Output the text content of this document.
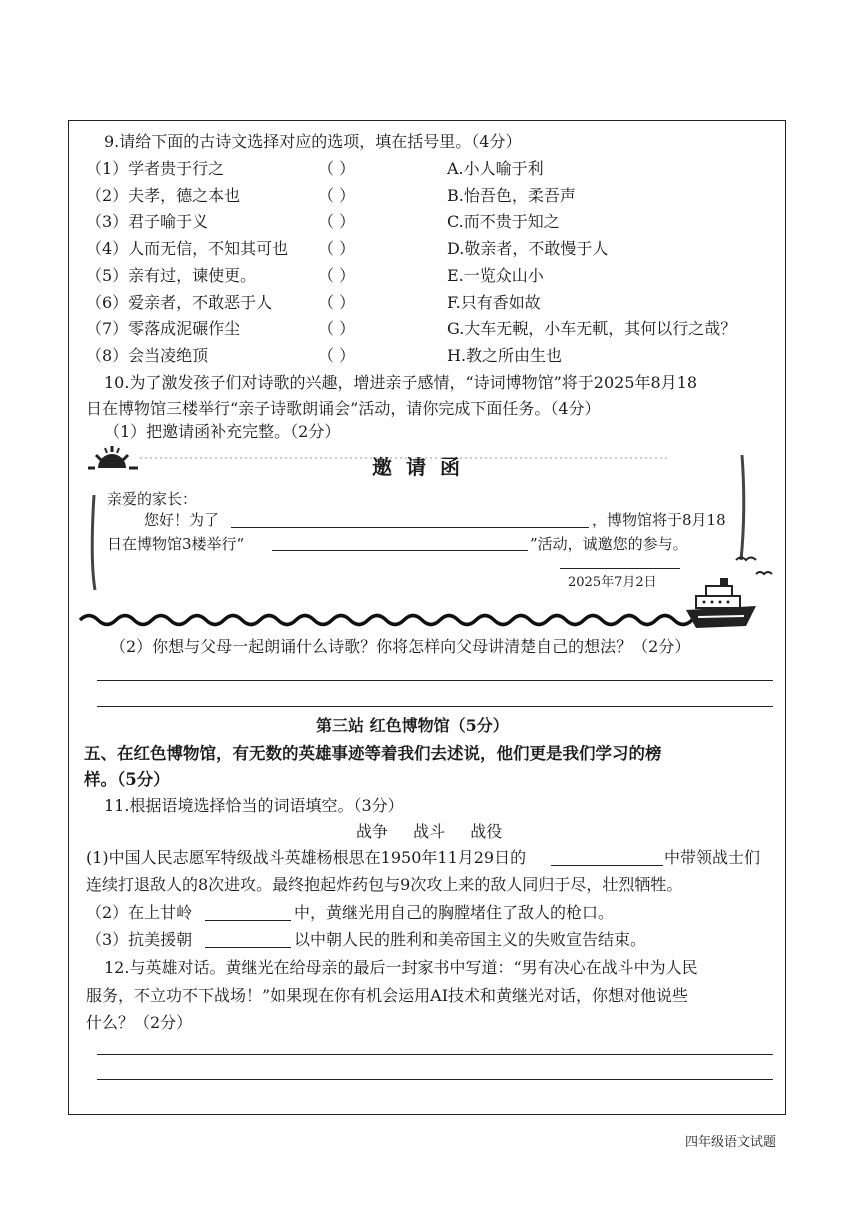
9.请给下面的古诗文选择对应的选项，填在括号里。（4分）
（1）学者贵于行之	（ ）	A.小人喻于利
（2）夫孝，德之本也	（ ）	B.怡吾色，柔吾声
（3）君子喻于义	（ ）	C.而不贵于知之
（4）人而无信，不知其可也 （ ）	D.敬亲者，不敢慢于人
（5）亲有过，谏使更。	（ ）	E.一览众山小
（6）爱亲者，不敢恶于人	（ ）	F.只有香如故
（7）零落成泥碾作尘	（ ）	G.大车无輗，小车无軏，其何以行之哉？
（8）会当凌绝顶	（ ）	H.教之所由生也
10.为了激发孩子们对诗歌的兴趣，增进亲子感情，“诗词博物馆”将于2025年8月18
日在博物馆三楼举行“亲子诗歌朗诵会”活动，请你完成下面任务。（4分）
（1）把邀请函补充完整。（2分）
邀请函
亲爱的家长：
您好！为了	，博物馆将于8月18
日在博物馆3楼举行“	”活动，诚邀您的参与。
2025年7月2日
（2）你想与父母一起朗诵什么诗歌？你将怎样向父母讲清楚自己的想法？（2分）
第三站 红色博物馆（5分）
五、在红色博物馆，有无数的英雄事迹等着我们去述说，他们更是我们学习的榜
样。（5分）
11.根据语境选择恰当的词语填空。（3分）
战争 战斗 战役
(1)中国人民志愿军特级战斗英雄杨根思在1950年11月29日的	中带领战士们
连续打退敌人的8次进攻。最终抱起炸药包与9次攻上来的敌人同归于尽，壮烈牺牲。
（2）在上甘岭	中，黄继光用自己的胸膛堵住了敌人的枪口。
（3）抗美援朝	以中朝人民的胜利和美帝国主义的失败宣告结束。
12.与英雄对话。黄继光在给母亲的最后一封家书中写道：“男有决心在战斗中为人民
服务，不立功不下战场！”如果现在你有机会运用AI技术和黄继光对话，你想对他说些
什么？（2分）
四年级语文试题
